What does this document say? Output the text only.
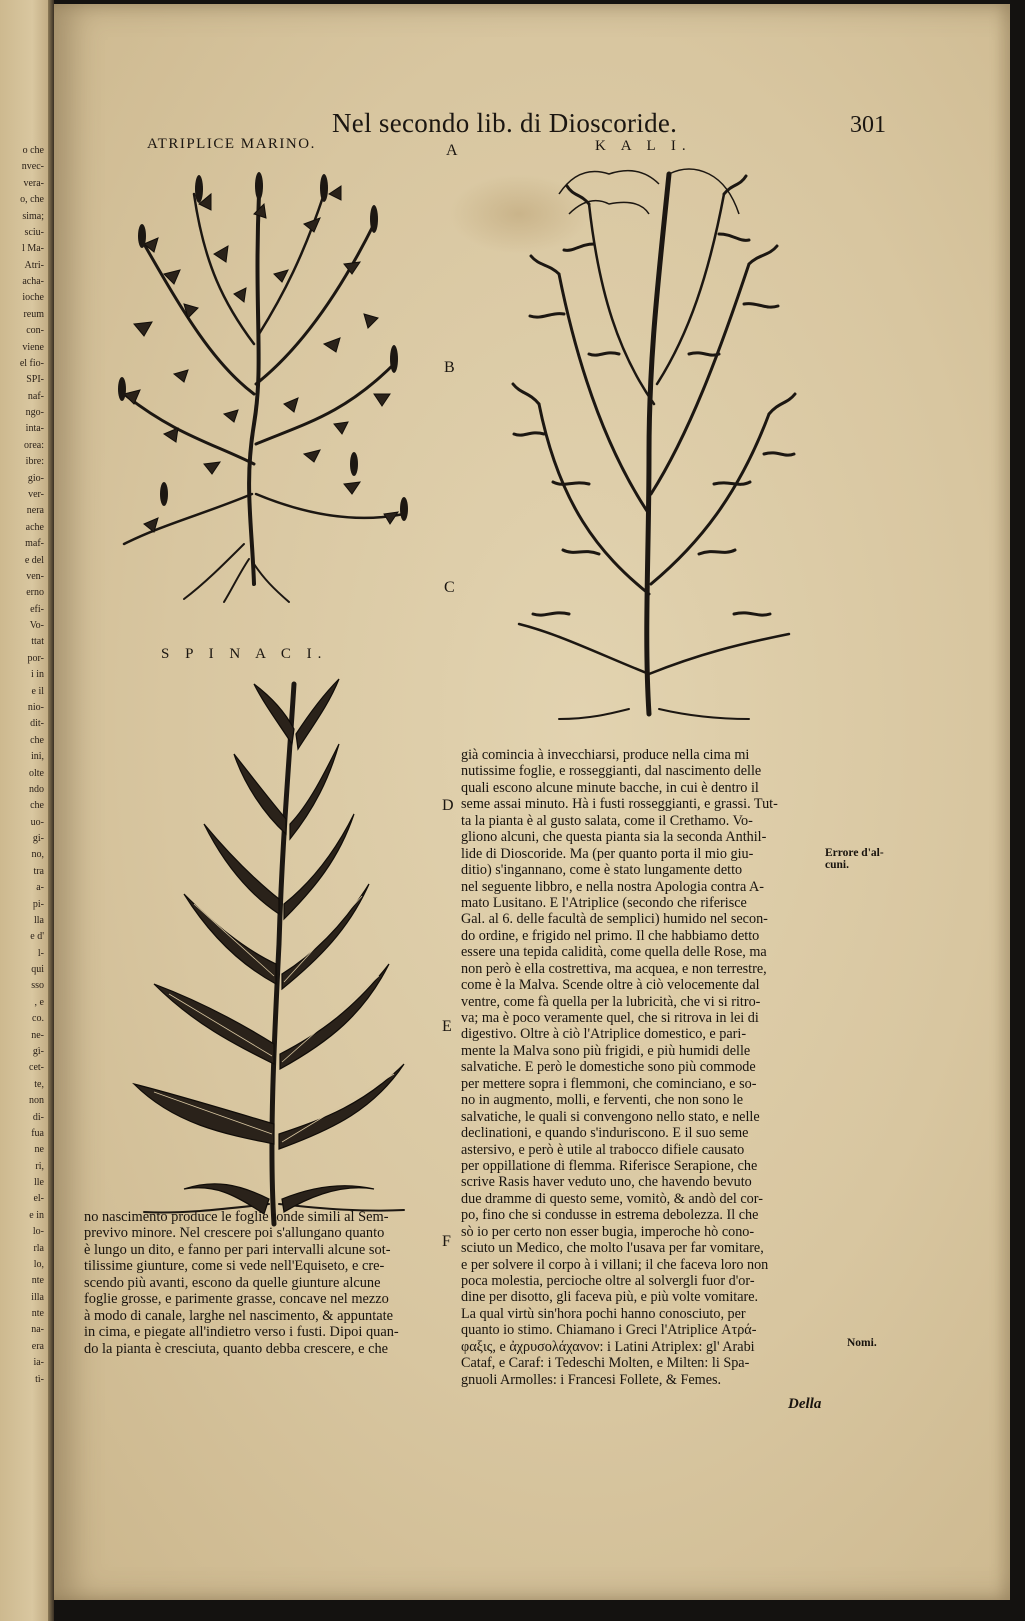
o che
nvec-
vera-
o, che
sima;
sciu-
l Ma-
Atri-
acha-
ioche
reum
con-
viene
el fio-
SPI-
naf-
ngo-
inta-
orea:
ibre:
gio-
ver-
nera
ache
maf-
e del
ven-
erno
efi-
Vo-
ttat
por-
i in
e il
nio-
dit-
che
ini,
olte
ndo
che
uo-
gi-
no,
tra
a-
pi-
lla
e d'
l-
qui
sso
, e
co.
ne-
gì-
cet-
te,
non
di-
fua
ne
ri,
lle
el-
e in
lo-
rla
lo,
nte
illa
nte
na-
era
ia-
tì-
Nel secondo lib. di Dioscoride.	301
ATRIPLICE MARINO.	K A L I.
S P I N A C I.
A
B
C
D
E
F
no nascimento produce le foglie tonde simili al Sem-
previvo minore. Nel crescere poi s'allungano quanto
è lungo un dito, e fanno per pari intervalli alcune sot-
tilissime giunture, come si vede nell'Equiseto, e cre-
scendo più avanti, escono da quelle giunture alcune
foglie grosse, e parimente grasse, concave nel mezzo
à modo di canale, larghe nel nascimento, & appuntate
in cima, e piegate all'indietro verso i fusti. Dipoi quan-
do la pianta è cresciuta, quanto debba crescere, e che
già comincia à invecchiarsi, produce nella cima mi
nutissime foglie, e rosseggianti, dal nascimento delle
quali escono alcune minute bacche, in cui è dentro il
seme assai minuto. Hà i fusti rosseggianti, e grassi. Tut-
ta la pianta è al gusto salata, come il Crethamo. Vo-
gliono alcuni, che questa pianta sia la seconda Anthil-
lide di Dioscoride. Ma (per quanto porta il mio giu-
ditio) s'ingannano, come è stato lungamente detto
nel seguente libbro, e nella nostra Apologia contra A-
mato Lusitano. E l'Atriplice (secondo che riferisce
Gal. al 6. delle facultà de semplici) humido nel secon-
do ordine, e frigido nel primo. Il che habbiamo detto
essere una tepida calidità, come quella delle Rose, ma
non però è ella costrettiva, ma acquea, e non terrestre,
come è la Malva. Scende oltre à ciò velocemente dal
ventre, come fà quella per la lubricità, che vi si ritro-
va; ma è poco veramente quel, che si ritrova in lei di
digestivo. Oltre à ciò l'Atriplice domestico, e pari-
mente la Malva sono più frigidi, e più humidi delle
salvatiche. E però le domestiche sono più commode
per mettere sopra i flemmoni, che cominciano, e so-
no in augmento, molli, e ferventi, che non sono le
salvatiche, le quali si convengono nello stato, e nelle
declinationi, e quando s'indurisconо. E il suo seme
astersivo, e però è utile al trabocco difiele causato
per oppillatione di flemma. Riferisce Serapione, che
scrive Rasis haver veduto uno, che havendo bevuto
due dramme di questo seme, vomitò, & andò del cor-
po, fino che si condusse in estrema debolezza. Il che
sò io per certo non esser bugia, imperoche hò cono-
sciuto un Medico, che molto l'usava per far vomitare,
e per solvere il corpo à i villani; il che faceva loro non
poca molestia, percioche oltre al solvergli fuor d'or-
dine per disotto, gli faceva più, e più volte vomitare.
La qual virtù sin'hora pochi hanno conosciuto, per
quanto io stimo. Chiamano i Greci l'Atriplice Ατρά-
φαξις, e ἀχρυσολάχανον: i Latini Atriplex: gl' Arabi
Cataf, e Caraf: i Tedeschi Molten, e Milten: li Spa-
gnuoli Armolles: i Francesi Follete, & Femes.
Errore d'al-
cuni.
Nomi.
Della
